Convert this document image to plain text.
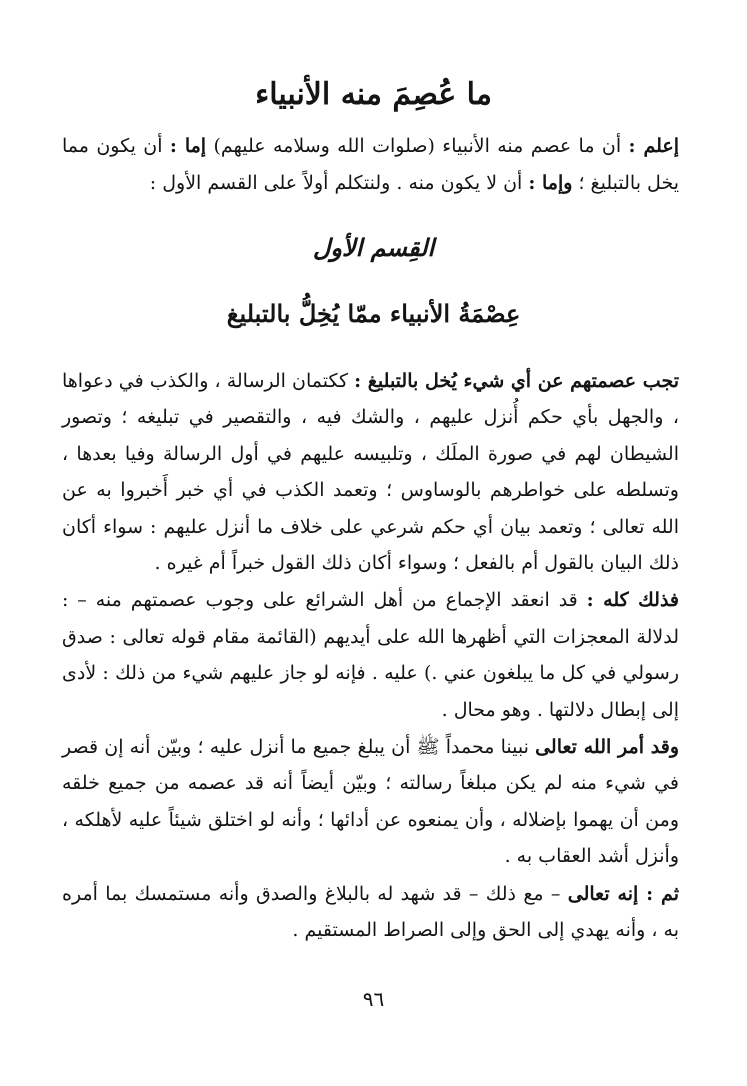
ما عُصِمَ منه الأنبياء
إعلم : أن ما عصم منه الأنبياء (صلوات الله وسلامه عليهم) إما : أن يكون مما يخل بالتبليغ ؛ وإما : أن لا يكون منه . ولنتكلم أولاً على القسم الأول :
القِسم الأول
عِصْمَةُ الأنبياء ممّا يُخِلُّ بالتبليغ

تجب عصمتهم عن أي شيء يُخل بالتبليغ : ككتمان الرسالة ، والكذب في دعواها ، والجهل بأي حكم أُنزل عليهم ، والشك فيه ، والتقصير في تبليغه ؛ وتصور الشيطان لهم في صورة الملَك ، وتلبيسه عليهم في أول الرسالة وفيا بعدها ، وتسلطه على خواطرهم بالوساوس ؛ وتعمد الكذب في أي خبر أَخبروا به عن الله تعالى ؛ وتعمد بيان أي حكم شرعي على خلاف ما أنزل عليهم : سواء أكان ذلك البيان بالقول أم بالفعل ؛ وسواء أكان ذلك القول خبراً أم غيره .

فذلك كله : قد انعقد الإجماع من أهل الشرائع على وجوب عصمتهم منه – : لدلالة المعجزات التي أظهرها الله على أيديهم (القائمة مقام قوله تعالى : صدق رسولي في كل ما يبلغون عني .) عليه . فإنه لو جاز عليهم شيء من ذلك : لأدى إلى إبطال دلالتها . وهو محال .

وقد أمر الله تعالى نبينا محمداً ﷺ أن يبلغ جميع ما أنزل عليه ؛ وبيّن أنه إن قصر في شيء منه لم يكن مبلغاً رسالته ؛ وبيّن أيضاً أنه قد عصمه من جميع خلقه ومن أن يهموا بإضلاله ، وأن يمنعوه عن أدائها ؛ وأنه لو اختلق شيئاً عليه لأهلكه ، وأنزل أشد العقاب به .

ثم : إنه تعالى – مع ذلك – قد شهد له بالبلاغ والصدق وأنه مستمسك بما أمره به ، وأنه يهدي إلى الحق وإلى الصراط المستقيم .

٩٦
